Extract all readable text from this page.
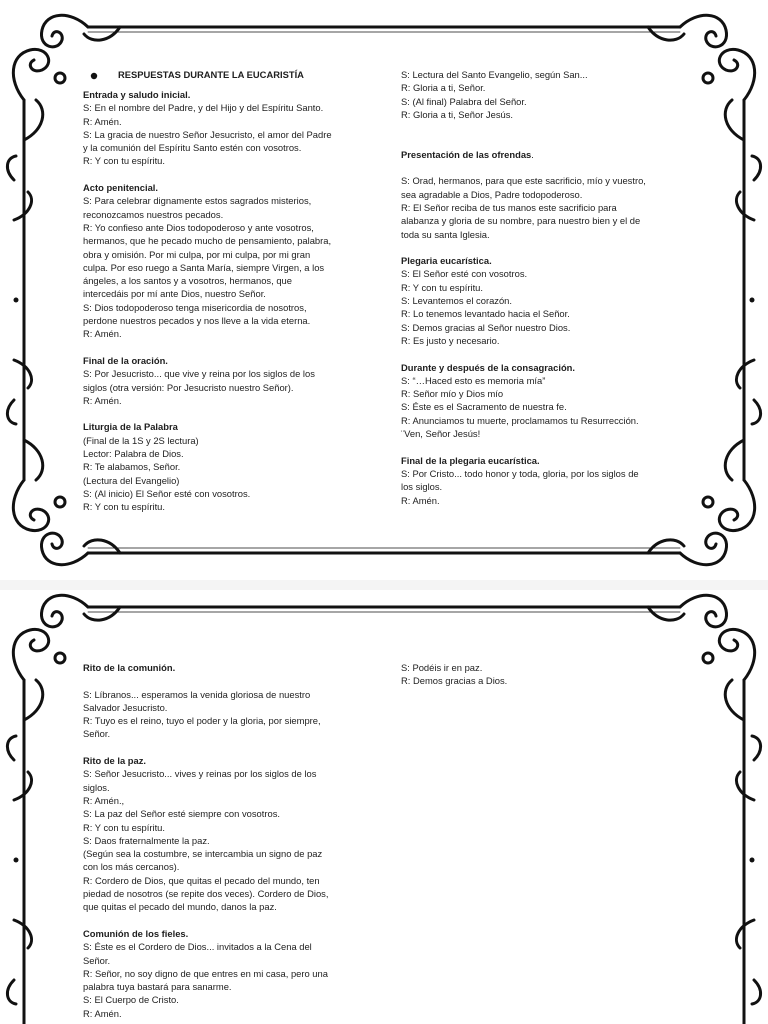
RESPUESTAS DURANTE LA EUCARISTÍA

Entrada y saludo inicial.

S: En el nombre del Padre, y del Hijo y del Espíritu Santo.

R: Amén.

S: La gracia de nuestro Señor Jesucristo, el amor del Padre

y la comunión del Espíritu Santo estén con vosotros.

R: Y con tu espíritu.

Acto penitencial.

S: Para celebrar dignamente estos sagrados misterios,

reconozcamos nuestros pecados.

R: Yo confieso ante Dios todopoderoso y ante vosotros,

hermanos, que he pecado mucho de pensamiento, palabra,

obra y omisión. Por mi culpa, por mi culpa, por mi gran

culpa. Por eso ruego a Santa María, siempre Virgen, a los

ángeles, a los santos y a vosotros, hermanos, que

intercedáis por mí ante Dios, nuestro Señor.

S: Dios todopoderoso tenga misericordia de nosotros,

perdone nuestros pecados y nos lleve a la vida eterna.

R: Amén.

Final de la oración.

S: Por Jesucristo... que vive y reina por los siglos de los

siglos (otra versión: Por Jesucristo nuestro Señor).

R: Amén.

Liturgia de la Palabra

(Final de la 1S y 2S lectura)

Lector: Palabra de Dios.

R: Te alabamos, Señor.

(Lectura del Evangelio)

S: (Al inicio) El Señor esté con vosotros.

R: Y con tu espíritu.

S: Lectura del Santo Evangelio, según San...

R: Gloria a ti, Señor.

S: (Al final) Palabra del Señor.

R: Gloria a ti, Señor Jesús.

Presentación de las ofrendas.

S: Orad, hermanos, para que este sacrificio, mío y vuestro,

sea agradable a Dios, Padre todopoderoso.

R: El Señor reciba de tus manos este sacrificio para

alabanza y gloria de su nombre, para nuestro bien y el de

toda su santa Iglesia.

Plegaria eucarística.

S: El Señor esté con vosotros.

R: Y con tu espíritu.

S: Levantemos el corazón.

R: Lo tenemos levantado hacia el Señor.

S: Demos gracias al Señor nuestro Dios.

R: Es justo y necesario.

Durante y después de la consagración.

S: “…Haced esto es memoria mía”

R: Señor mío y Dios mío

S: Éste es el Sacramento de nuestra fe.

R: Anunciamos tu muerte, proclamamos tu Resurrección.

¨Ven, Señor Jesús!

Final de la plegaria eucarística.

S: Por Cristo... todo honor y toda, gloria, por los siglos de

los siglos.

R: Amén.

Rito de la comunión.

S: Líbranos... esperamos la venida gloriosa de nuestro

Salvador Jesucristo.

R: Tuyo es el reino, tuyo el poder y la gloria, por siempre,

Señor.

Rito de la paz.

S: Señor Jesucristo... vives y reinas por los siglos de los

siglos.

R: Amén.,

S: La paz del Señor esté siempre con vosotros.

R: Y con tu espíritu.

S: Daos fraternalmente la paz.

(Según sea la costumbre, se intercambia un signo de paz

con los más cercanos).

R: Cordero de Dios, que quitas el pecado del mundo, ten

piedad de nosotros (se repite dos veces). Cordero de Dios,

que quitas el pecado del mundo, danos la paz.

Comunión de los fieles.

S: Éste es el Cordero de Dios... invitados a la Cena del

Señor.

R: Señor, no soy digno de que entres en mi casa, pero una

palabra tuya bastará para sanarme.

S: El Cuerpo de Cristo.

R: Amén.

S: Podéis ir en paz.

R: Demos gracias a Dios.
